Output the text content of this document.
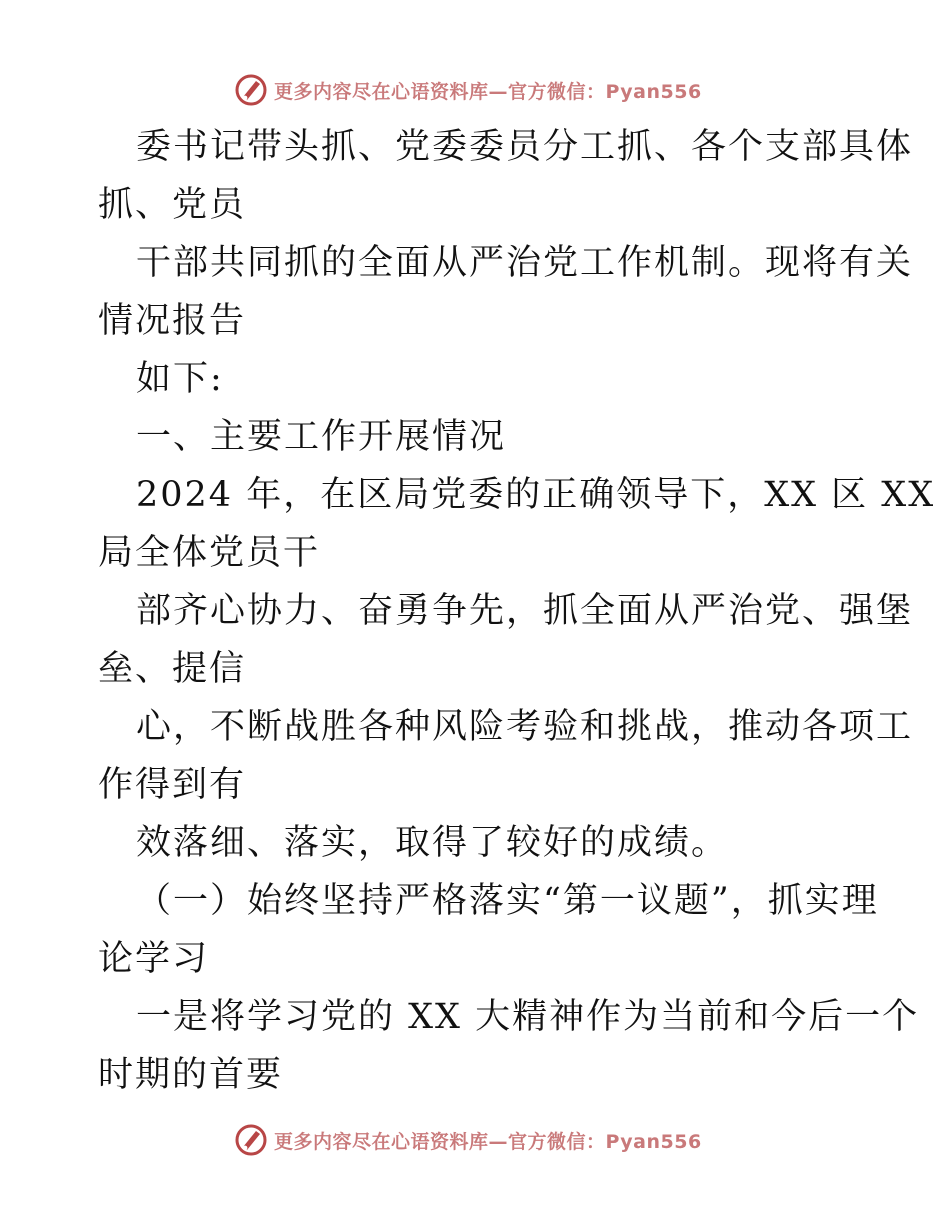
更多内容尽在心语资料库—官方微信：Pyan556
委书记带头抓、党委委员分工抓、各个支部具体
抓、党员
干部共同抓的全面从严治党工作机制。现将有关
情况报告
如下:
一、主要工作开展情况
2024 年，在区局党委的正确领导下，XX 区 XX
局全体党员干
部齐心协力、奋勇争先，抓全面从严治党、强堡
垒、提信
心，不断战胜各种风险考验和挑战，推动各项工
作得到有
效落细、落实，取得了较好的成绩。
（一）始终坚持严格落实“第一议题”，抓实理
论学习
一是将学习党的 XX 大精神作为当前和今后一个
时期的首要
更多内容尽在心语资料库—官方微信：Pyan556
